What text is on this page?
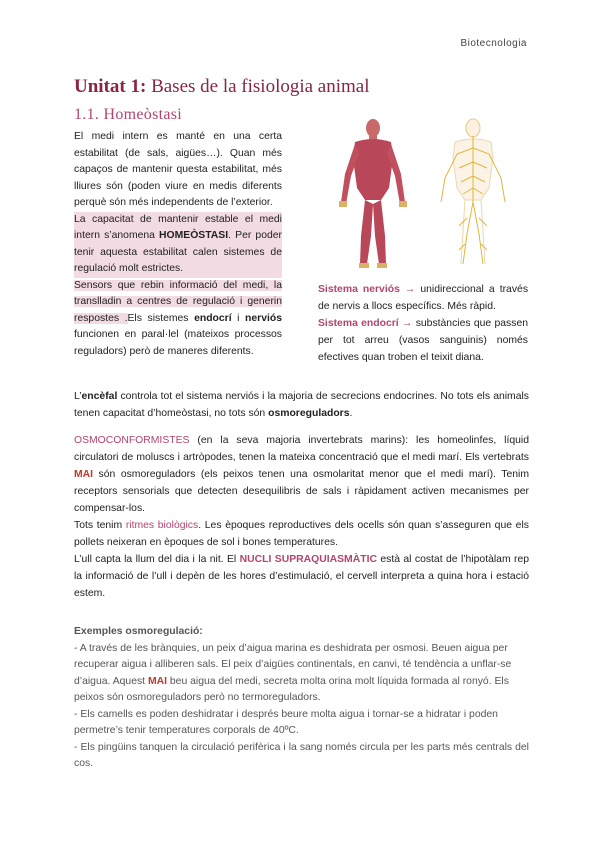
Biotecnologia
Unitat 1: Bases de la fisiologia animal
1.1. Homeòstasi

El medi intern es manté en una certa estabilitat (de sals, aigües…). Quan més capaços de mantenir questa estabilitat, més lliures són (poden viure en medis diferents perquè són més independents de l’exterior.

La capacitat de mantenir estable el medi intern s’anomena HOMEÒSTASI. Per poder tenir aquesta estabilitat calen sistemes de regulació molt estrictes.

Sensors que rebin informació del medi, la translladin a centres de regulació i generin respostes .Els sistemes endocrí i nerviós funcionen en paral·lel (mateixos processos reguladors) però de maneres diferents.

Sistema nerviós → unidireccional a través de nervis a llocs específics. Més ràpid.

Sistema endocrí → substàncies que passen per tot arreu (vasos sanguinis) només efectives quan troben el teixit diana.

L’encèfal controla tot el sistema nerviós i la majoria de secrecions endocrines. No tots els animals tenen capacitat d’homeòstasi, no tots són osmoreguladors.

OSMOCONFORMISTES (en la seva majoria invertebrats marins): les homeolinfes, líquid circulatori de moluscs i artròpodes, tenen la mateixa concentració que el medi marí. Els vertebrats MAI són osmoreguladors (els peixos tenen una osmolaritat menor que el medi marí). Tenim receptors sensorials que detecten desequilibris de sals i ràpidament activen mecanismes per compensar-los.

Tots tenim ritmes biològics. Les èpoques reproductives dels ocells són quan s’asseguren que els pollets neixeran en èpoques de sol i bones temperatures.

L’ull capta la llum del dia i la nit. El NUCLI SUPRAQUIASMÀTIC està al costat de l’hipotàlam rep la informació de l’ull i depèn de les hores d’estimulació, el cervell interpreta a quina hora i estació estem.

Exemples osmoregulació:

- A través de les brànquies, un peix d’aigua marina es deshidrata per osmosi. Beuen aigua per recuperar aigua i alliberen sals. El peix d’aigües continentals, en canvi, té tendència a unflar-se d’aigua. Aquest MAI beu aigua del medi, secreta molta orina molt líquida formada al ronyó. Els peixos són osmoreguladors però no termoreguladors.

- Els camells es poden deshidratar i després beure molta aigua i tornar-se a hidratar i poden permetre’s tenir temperatures corporals de 40ºC.

- Els pingüins tanquen la circulació perifèrica i la sang només circula per les parts més centrals del cos.
